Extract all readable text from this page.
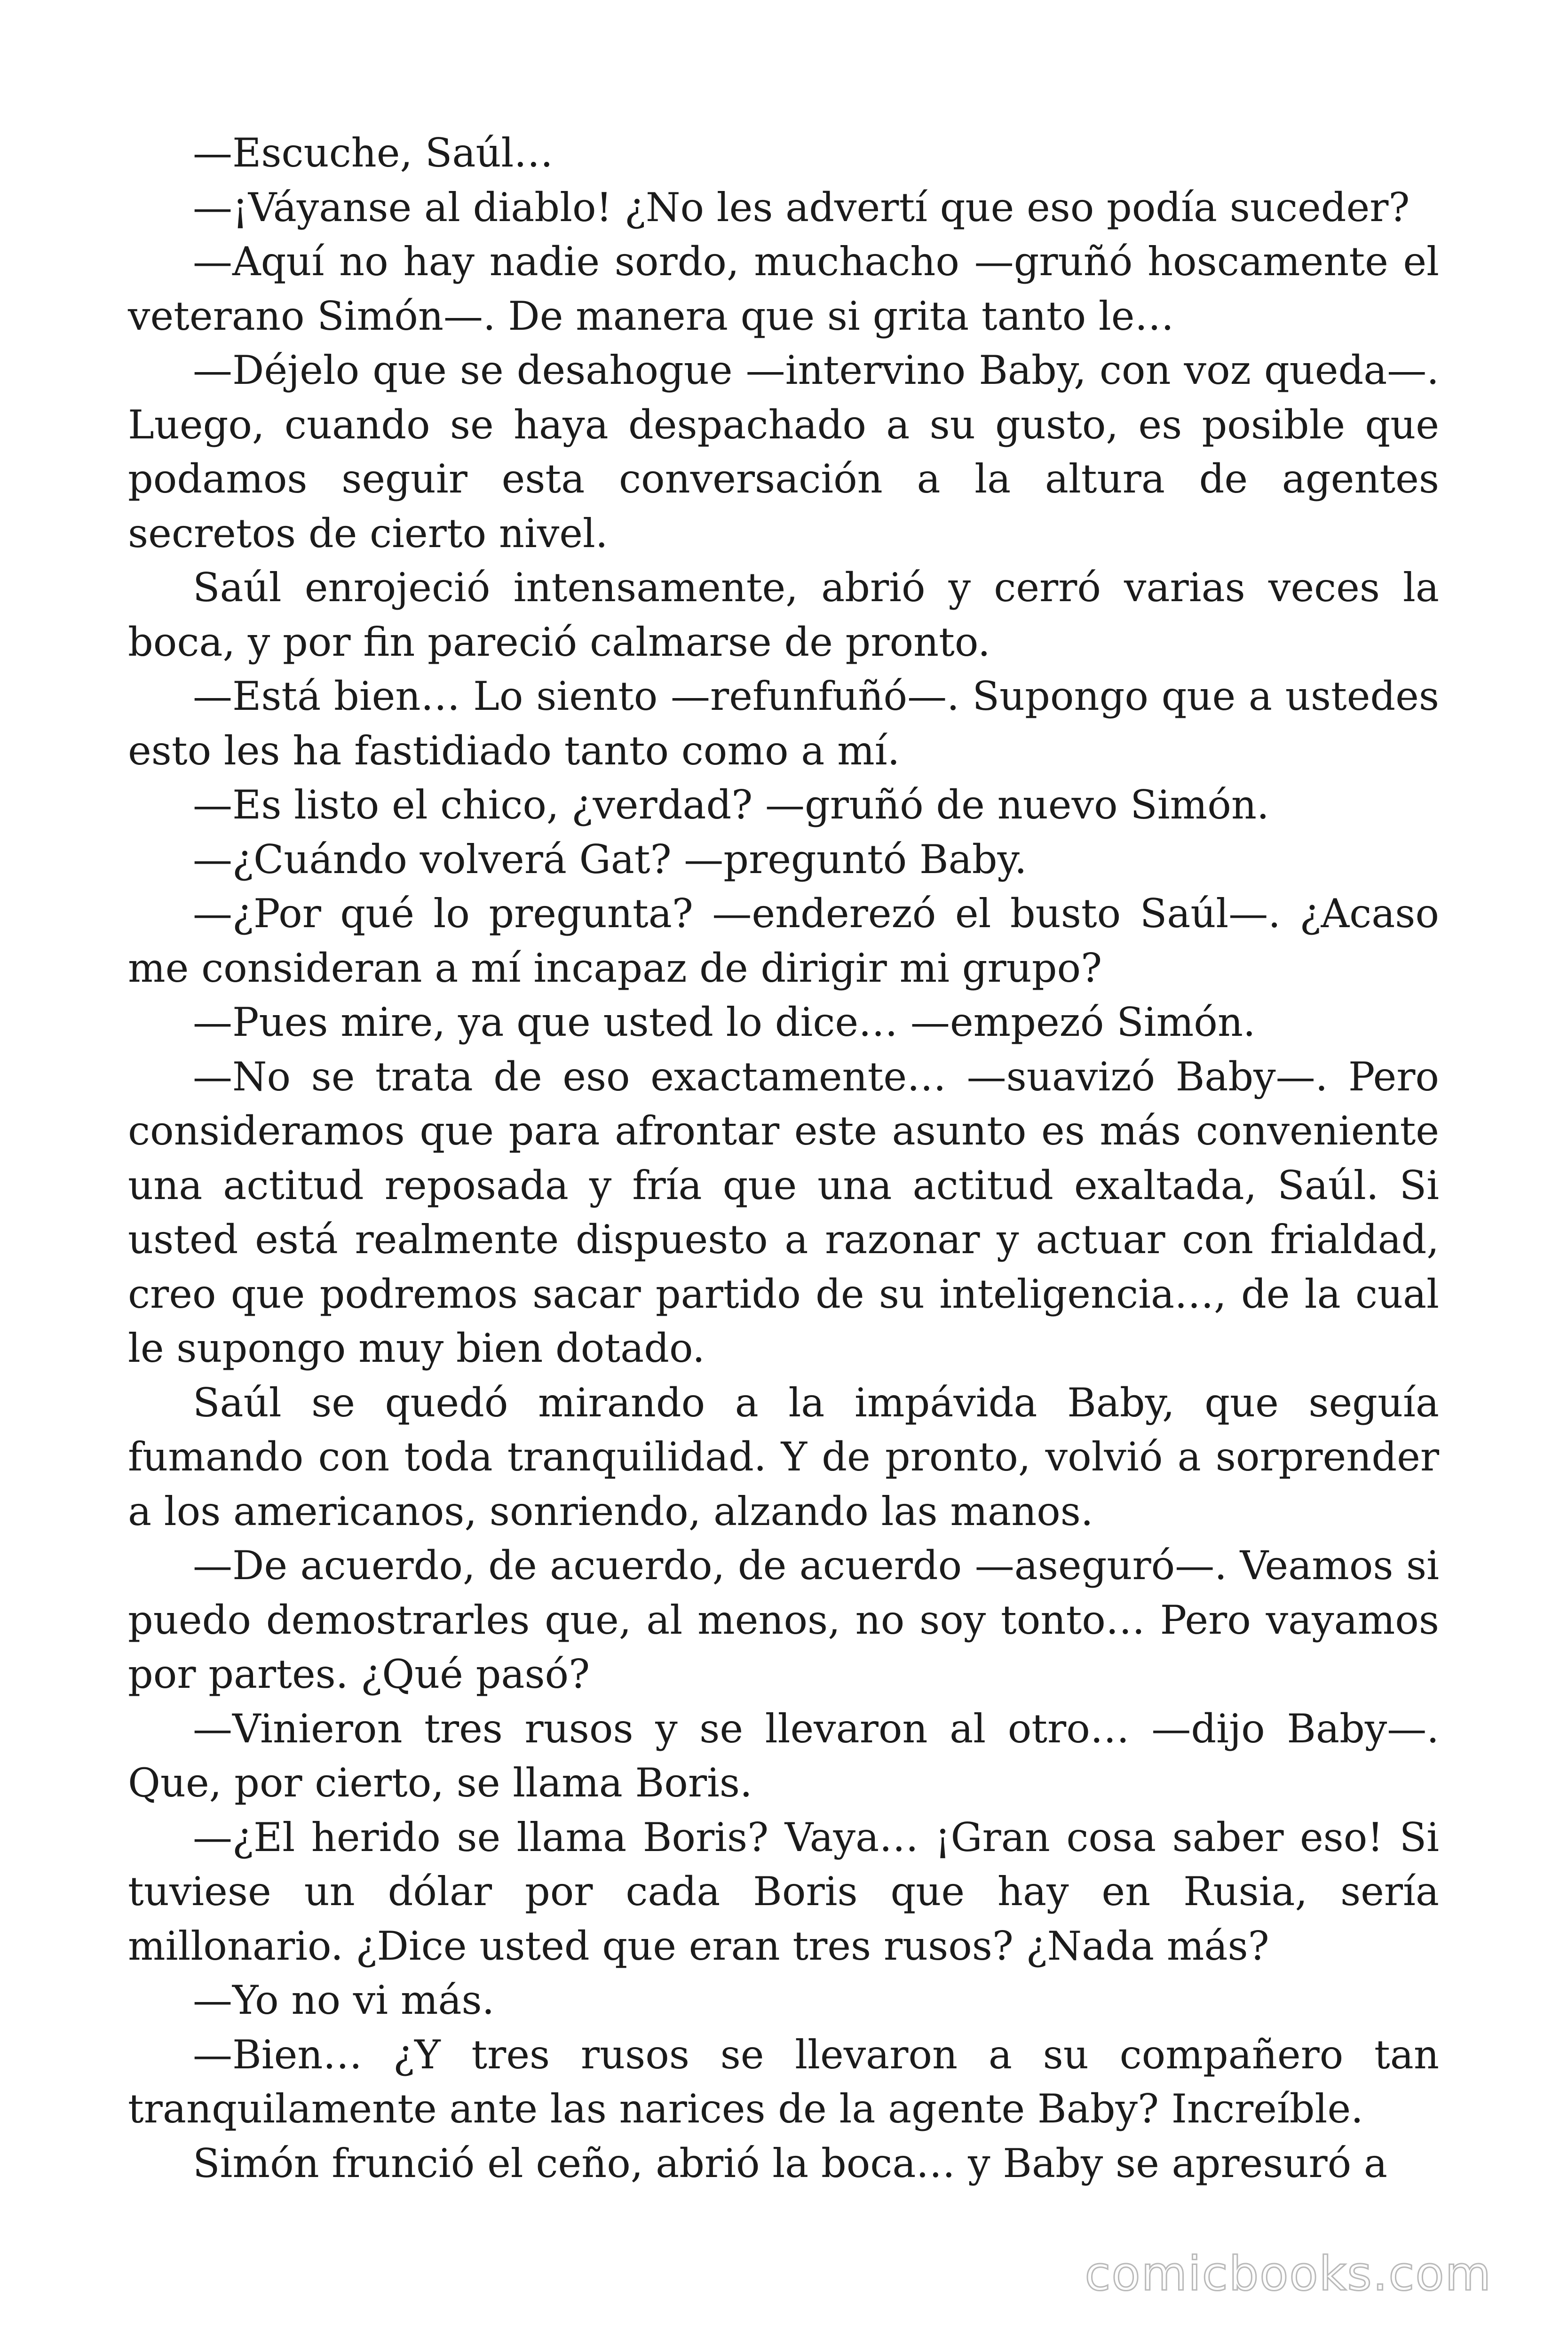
—Escuche, Saúl…

—¡Váyanse al diablo! ¿No les advertí que eso podía suceder?

—Aquí no hay nadie sordo, muchacho —gruñó hoscamente el veterano Simón—. De manera que si grita tanto le…

—Déjelo que se desahogue —intervino Baby, con voz queda—. Luego, cuando se haya despachado a su gusto, es posible que podamos seguir esta conversación a la altura de agentes secretos de cierto nivel.

Saúl enrojeció intensamente, abrió y cerró varias veces la boca, y por fin pareció calmarse de pronto.

—Está bien… Lo siento —refunfuñó—. Supongo que a ustedes esto les ha fastidiado tanto como a mí.

—Es listo el chico, ¿verdad? —gruñó de nuevo Simón.

—¿Cuándo volverá Gat? —preguntó Baby.

—¿Por qué lo pregunta? —enderezó el busto Saúl—. ¿Acaso me consideran a mí incapaz de dirigir mi grupo?

—Pues mire, ya que usted lo dice… —empezó Simón.

—No se trata de eso exactamente… —suavizó Baby—. Pero consideramos que para afrontar este asunto es más conveniente una actitud reposada y fría que una actitud exaltada, Saúl. Si usted está realmente dispuesto a razonar y actuar con frialdad, creo que podremos sacar partido de su inteligencia…, de la cual le supongo muy bien dotado.

Saúl se quedó mirando a la impávida Baby, que seguía fumando con toda tranquilidad. Y de pronto, volvió a sorprender a los americanos, sonriendo, alzando las manos.

—De acuerdo, de acuerdo, de acuerdo —aseguró—. Veamos si puedo demostrarles que, al menos, no soy tonto… Pero vayamos por partes. ¿Qué pasó?

—Vinieron tres rusos y se llevaron al otro… —dijo Baby—. Que, por cierto, se llama Boris.

—¿El herido se llama Boris? Vaya… ¡Gran cosa saber eso! Si tuviese un dólar por cada Boris que hay en Rusia, sería millonario. ¿Dice usted que eran tres rusos? ¿Nada más?

—Yo no vi más.

—Bien… ¿Y tres rusos se llevaron a su compañero tan tranquilamente ante las narices de la agente Baby? Increíble.

Simón frunció el ceño, abrió la boca… y Baby se apresuró a

comicbooks.com
